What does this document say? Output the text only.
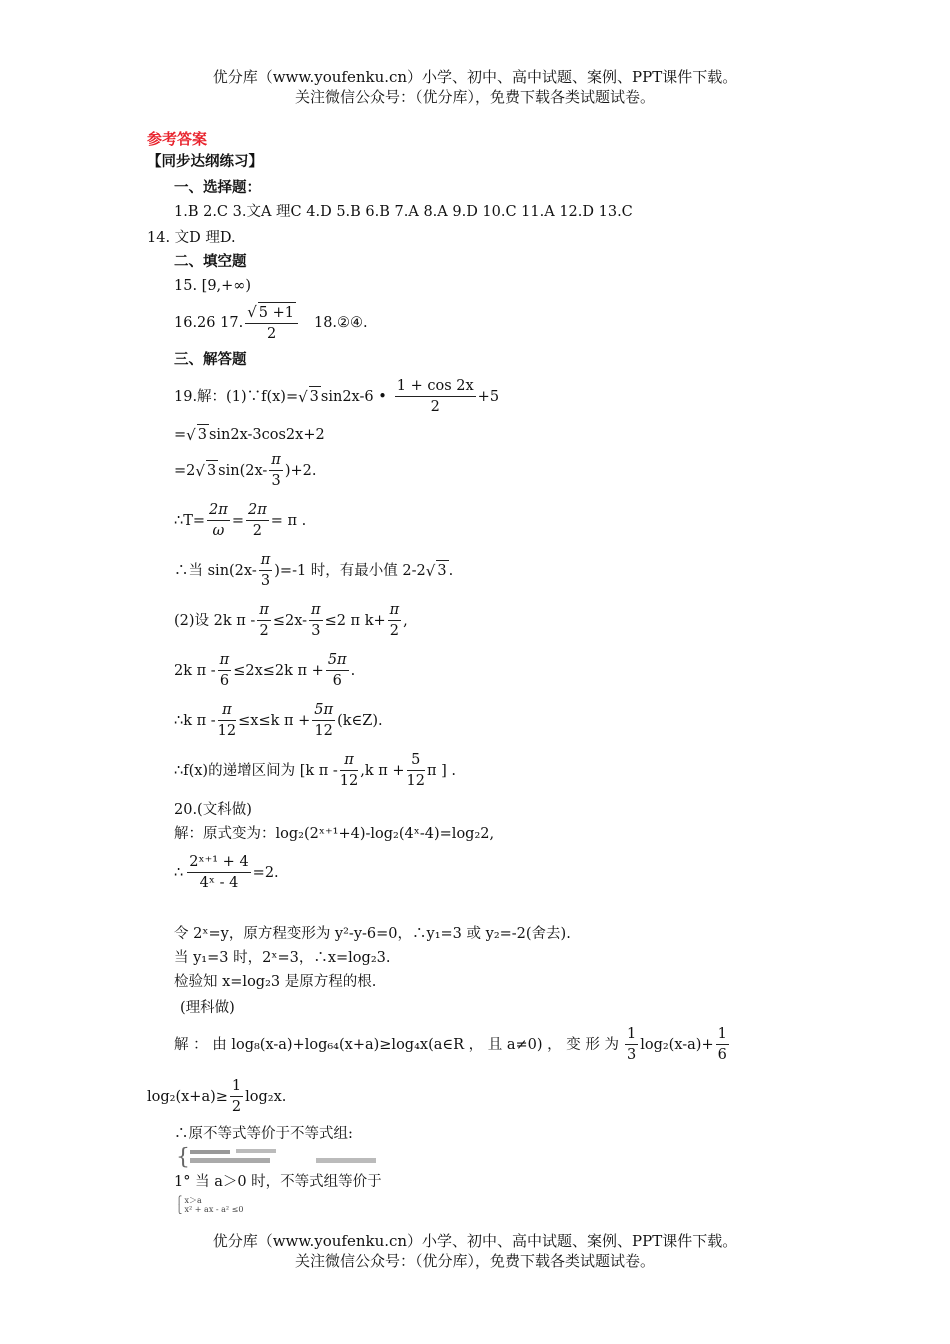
优分库（www.youfenku.cn）小学、初中、高中试题、案例、PPT课件下载。
关注微信公众号：（优分库），免费下载各类试题试卷。
参考答案
【同步达纲练习】
一、选择题：
1.B 2.C 3.文A 理C 4.D 5.B 6.B 7.A 8.A 9.D 10.C 11.A 12.D 13.C
14. 文D 理D.
二、填空题
15. [9,+∞)
16.26 17. $\frac{√ 5 +1}{2}$ 18.②④.
三、解答题
19.解：(1)∵f(x)= √ 3 sin2x-6 • $\frac{1 + \cos 2x}{2} +5$
= √ 3 sin2x-3cos2x+2
=2 √ 3 $\sin(2x- \frac{\pi}{3} )+2$.
∴T= $\frac{2\pi}{\omega} = \frac{2\pi}{2} = \pi$ .
∴当 $\sin(2x- \frac{\pi}{3} )=-1$ 时，有最小值 2-2 √ 3 .
(2)设 2k $\pi - \frac{\pi}{2} \le 2x- \frac{\pi}{3} \le 2$ π $k+ \frac{\pi}{2}$ ,
2k $\pi - \frac{\pi}{6} \le 2x\le 2k$ $\pi + \frac{5\pi}{6}$ .
∴k $\pi - \frac{\pi}{12} \le x\le k$ $\pi + \frac{5\pi}{12}$ (k∈Z).
∴f(x)的递增区间为 [k π - $\frac{\pi}{12} ,k$ $\pi + \frac{5}{12}$ π ] .
20.(文科做)
解：原式变为：log₂(2ˣ⁺¹+4)-log₂(4ˣ-4)=log₂2,
∴ $\frac{\text{2ˣ⁺¹ + 4}}{\text{4ˣ - 4}} =2$.
令 2ˣ=y，原方程变形为 y²-y-6=0，∴y₁=3 或 y₂=-2(舍去).
当 y₁=3 时，2ˣ=3，∴x=log₂3.
检验知 x=log₂3 是原方程的根.
(理科做)
解 ： 由 log₈(x-a)+log₆₄(x+a)≥log₄x(a∈R ， 且 a≠0) ， 变 形 为 $\frac{1}{3} \log_2(x-a)+ \frac{1}{6}$
$\log_2(x+a)\ge \frac{1}{2} \log_2x$.
∴原不等式等价于不等式组:
{
1° 当 a＞0 时，不等式组等价于
⎧ x＞a
⎩ x² + ax - a² ≤0
优分库（www.youfenku.cn）小学、初中、高中试题、案例、PPT课件下载。
关注微信公众号：（优分库），免费下载各类试题试卷。
